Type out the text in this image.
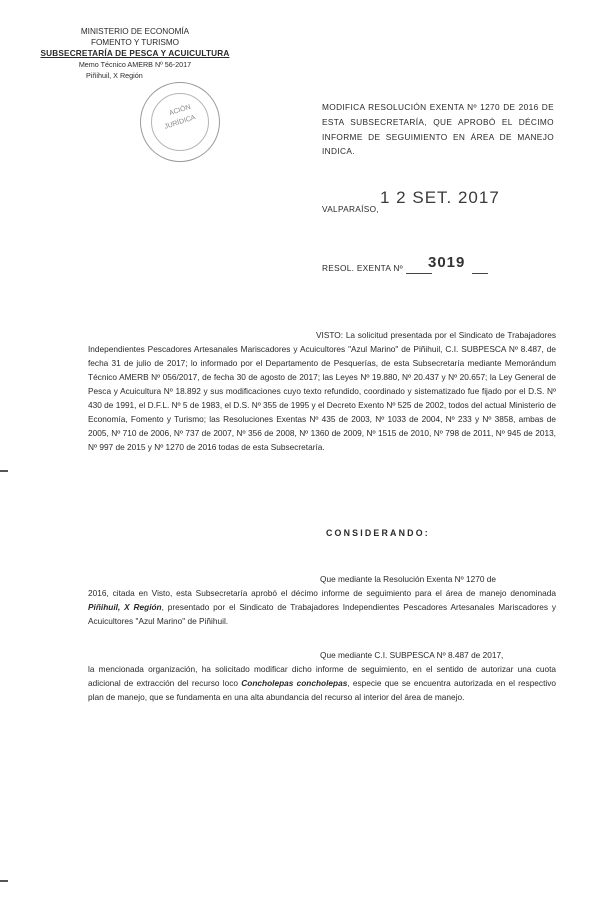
MINISTERIO DE ECONOMÍA
FOMENTO Y TURISMO
SUBSECRETARÍA DE PESCA Y ACUICULTURA
Memo Técnico AMERB Nº 56-2017
Piñihuil, X Región
ACIÓN
JURÍDICA
MODIFICA RESOLUCIÓN EXENTA Nº 1270 DE 2016 DE ESTA SUBSECRETARÍA, QUE APROBÓ EL DÉCIMO INFORME DE SEGUIMIENTO EN ÁREA DE MANEJO INDICA.
VALPARAÍSO,
1 2 SET. 2017
RESOL. EXENTA Nº 3019
VISTO: La solicitud presentada por el Sindicato de Trabajadores Independientes Pescadores Artesanales Mariscadores y Acuicultores "Azul Marino" de Piñihuil, C.I. SUBPESCA Nº 8.487, de fecha 31 de julio de 2017; lo informado por el Departamento de Pesquerías, de esta Subsecretaría mediante Memorándum Técnico AMERB Nº 056/2017, de fecha 30 de agosto de 2017; las Leyes Nº 19.880, Nº 20.437 y Nº 20.657; la Ley General de Pesca y Acuicultura Nº 18.892 y sus modificaciones cuyo texto refundido, coordinado y sistematizado fue fijado por el D.S. Nº 430 de 1991, el D.F.L. Nº 5 de 1983, el D.S. Nº 355 de 1995 y el Decreto Exento Nº 525 de 2002, todos del actual Ministerio de Economía, Fomento y Turismo; las Resoluciones Exentas Nº 435 de 2003, Nº 1033 de 2004, Nº 233 y Nº 3858, ambas de 2005, Nº 710 de 2006, Nº 737 de 2007, Nº 356 de 2008, Nº 1360 de 2009, Nº 1515 de 2010, Nº 798 de 2011, Nº 945 de 2013, Nº 997 de 2015 y Nº 1270 de 2016 todas de esta Subsecretaría.
CONSIDERANDO:
Que mediante la Resolución Exenta Nº 1270 de
2016, citada en Visto, esta Subsecretaría aprobó el décimo informe de seguimiento para el área de manejo denominada Piñihuil, X Región, presentado por el Sindicato de Trabajadores Independientes Pescadores Artesanales Mariscadores y Acuicultores "Azul Marino" de Piñihuil.
Que mediante C.I. SUBPESCA Nº 8.487 de 2017,
la mencionada organización, ha solicitado modificar dicho informe de seguimiento, en el sentido de autorizar una cuota adicional de extracción del recurso loco Concholepas concholepas, especie que se encuentra autorizada en el respectivo plan de manejo, que se fundamenta en una alta abundancia del recurso al interior del área de manejo.
